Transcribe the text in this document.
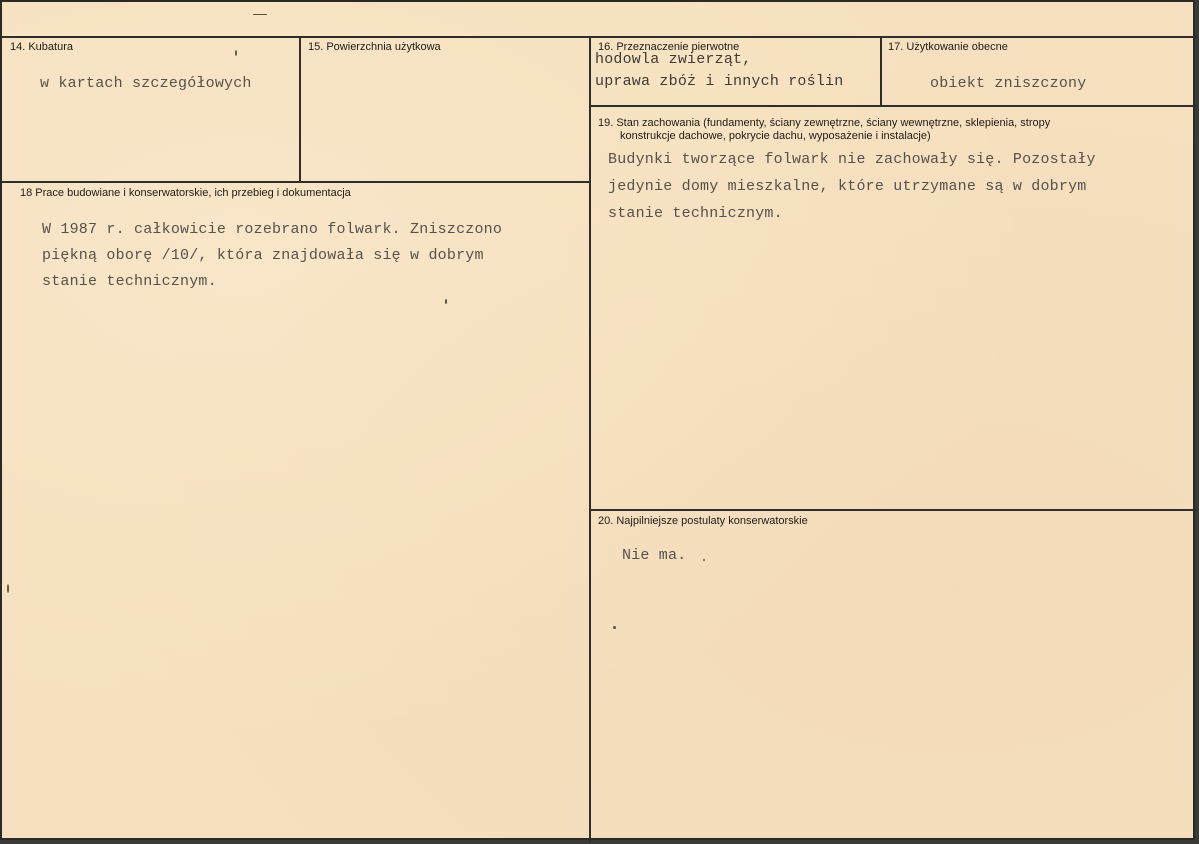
14. Kubatura
w kartach szczegółowych
15. Powierzchnia użytkowa	16. Przeznaczenie pierwotne
hodowla zwierząt,
uprawa zbóż i innych roślin
17. Użytkowanie obecne
obiekt zniszczony
18 Prace budowiane i konserwatorskie, ich przebieg i dokumentacja
W 1987 r. całkowicie rozebrano folwark. Zniszczono
piękną oborę /10/, która znajdowała się w dobrym
stanie technicznym.
19. Stan zachowania (fundamenty, ściany zewnętrzne, ściany wewnętrzne, sklepienia, stropy
konstrukcje dachowe, pokrycie dachu, wyposażenie i instalacje)
Budynki tworzące folwark nie zachowały się. Pozostały
jedynie domy mieszkalne, które utrzymane są w dobrym
stanie technicznym.
20. Najpilniejsze postulaty konserwatorskie
Nie ma.
